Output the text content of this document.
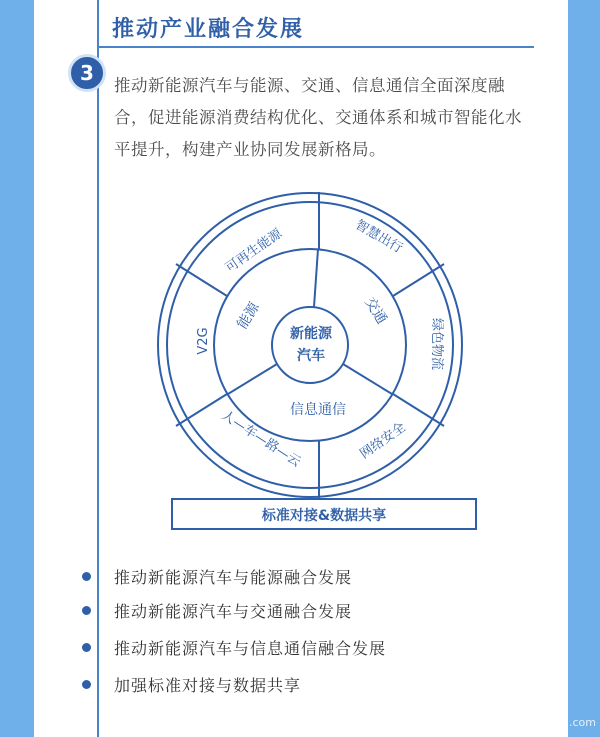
推动产业融合发展
3

推动新能源汽车与能源、交通、信息通信全面深度融合，促进能源消费结构优化、交通体系和城市智能化水平提升，构建产业协同发展新格局。

新能源
汽车
交通
信息通信
能源
智慧出行
绿色物流
网络安全
人—车—路—云
V2G
可再生能源
标准对接&数据共享
推动新能源汽车与能源融合发展
推动新能源汽车与交通融合发展
推动新能源汽车与信息通信融合发展
加强标准对接与数据共享
.com
